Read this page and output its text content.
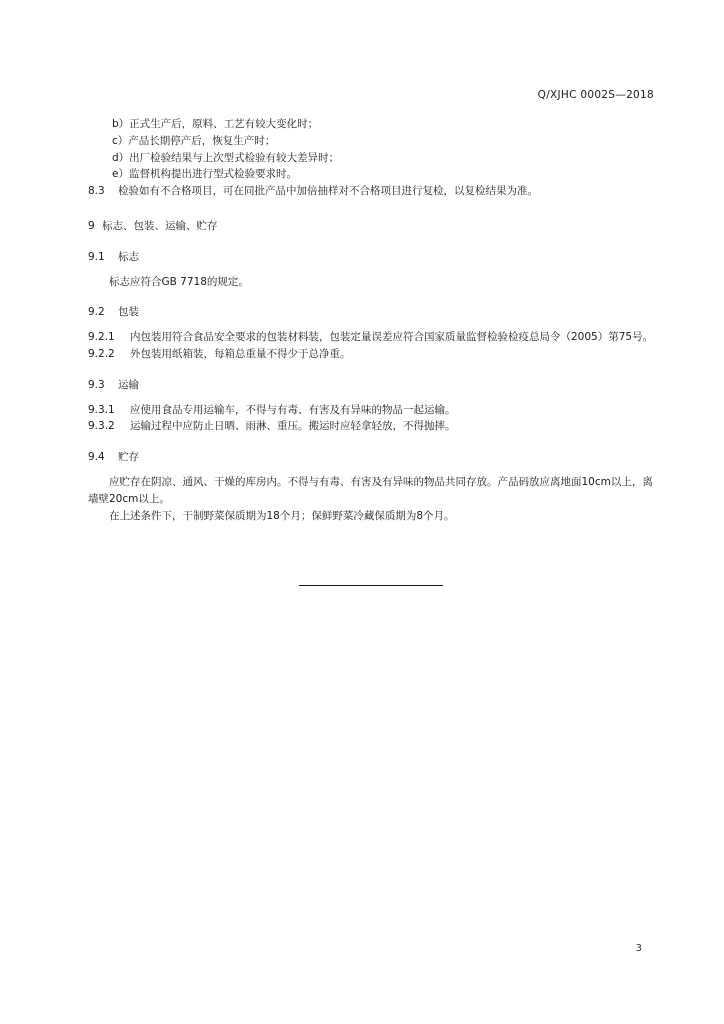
Q/XJHC 0002S—2018

b）正式生产后，原料、工艺有较大变化时；

c）产品长期停产后，恢复生产时；

d）出厂检验结果与上次型式检验有较大差异时；

e）监督机构提出进行型式检验要求时。

8.3	检验如有不合格项目，可在同批产品中加倍抽样对不合格项目进行复检，以复检结果为准。
9 标志、包装、运输、贮存
9.1	标志

标志应符合GB 7718的规定。

9.2	包装

9.2.1 内包装用符合食品安全要求的包装材料装，包装定量误差应符合国家质量监督检验检疫总局令（2005）第75号。

9.2.2	外包装用纸箱装，每箱总重量不得少于总净重。
9.3	运输
9.3.1	应使用食品专用运输车，不得与有毒、有害及有异味的物品一起运输。
9.3.2	运输过程中应防止日晒、雨淋、重压。搬运时应轻拿轻放，不得抛摔。
9.4	贮存

应贮存在阴凉、通风、干燥的库房内。不得与有毒、有害及有异味的物品共同存放。产品码放应离地面10cm以上，离墙壁20cm以上。

在上述条件下，干制野菜保质期为18个月；保鲜野菜冷藏保质期为8个月。

3
